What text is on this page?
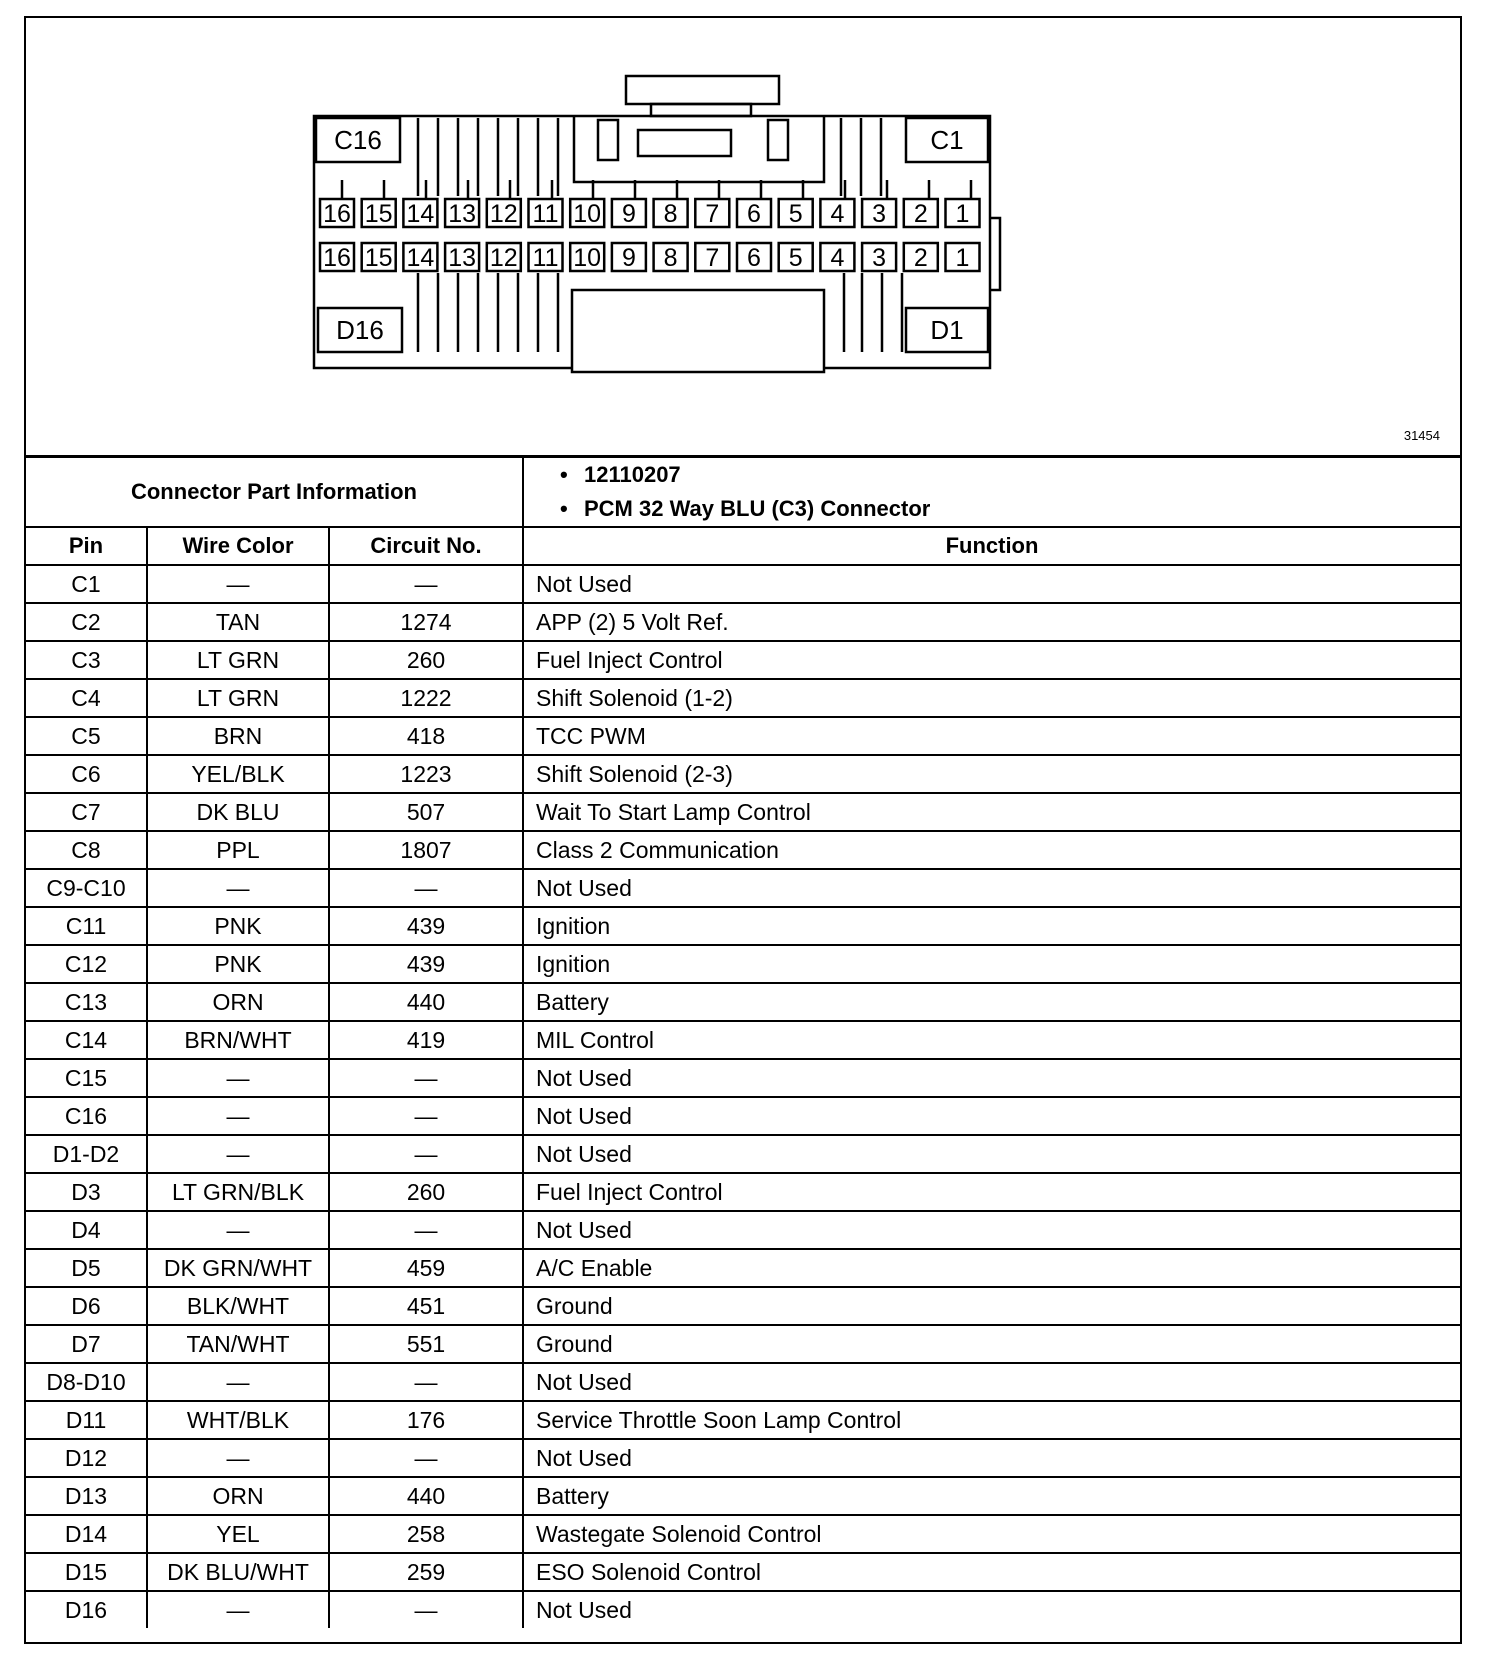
C16	C1
D16	D1
16 15 14 13 12 11 10 9 8 7 6 5 4 3 2 1
16 15 14 13 12 11 10 9 8 7 6 5 4 3 2 1
31454
Connector Part Information			• 12110207
• PCM 32 Way BLU (C3) Connector

Pin	Wire Color	Circuit No.	Function
C1	—	—	Not Used
C2	TAN	1274	APP (2) 5 Volt Ref.
C3	LT GRN	260	Fuel Inject Control
C4	LT GRN	1222	Shift Solenoid (1-2)
C5	BRN	418	TCC PWM
C6	YEL/BLK	1223	Shift Solenoid (2-3)
C7	DK BLU	507	Wait To Start Lamp Control
C8	PPL	1807	Class 2 Communication
C9-C10	—	—	Not Used
C11	PNK	439	Ignition
C12	PNK	439	Ignition
C13	ORN	440	Battery
C14	BRN/WHT	419	MIL Control
C15	—	—	Not Used
C16	—	—	Not Used
D1-D2	—	—	Not Used
D3	LT GRN/BLK	260	Fuel Inject Control
D4	—	—	Not Used
D5	DK GRN/WHT	459	A/C Enable
D6	BLK/WHT	451	Ground
D7	TAN/WHT	551	Ground
D8-D10	—	—	Not Used
D11	WHT/BLK	176	Service Throttle Soon Lamp Control
D12	—	—	Not Used
D13	ORN	440	Battery
D14	YEL	258	Wastegate Solenoid Control
D15	DK BLU/WHT	259	ESO Solenoid Control
D16	—	—	Not Used
